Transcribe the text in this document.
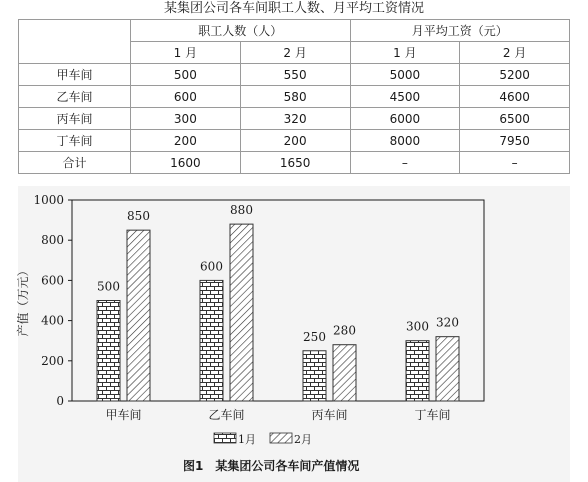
某集团公司各车间职工人数、月平均工资情况
	职工人数（人）		月平均工资（元）	
	1 月	2 月	1 月	2 月
甲车间	500	550	5000	5200
乙车间	600	580	4500	4600
丙车间	300	320	6000	6500
丁车间	200	200	8000	7950
合计	1600	1650	–	–
0
200
400
600
800
1000
产值（万元）	500
850
甲车间
600
880
乙车间
250 280
丙车间
300 320
丁车间
1月	2月
图1　某集团公司各车间产值情况
